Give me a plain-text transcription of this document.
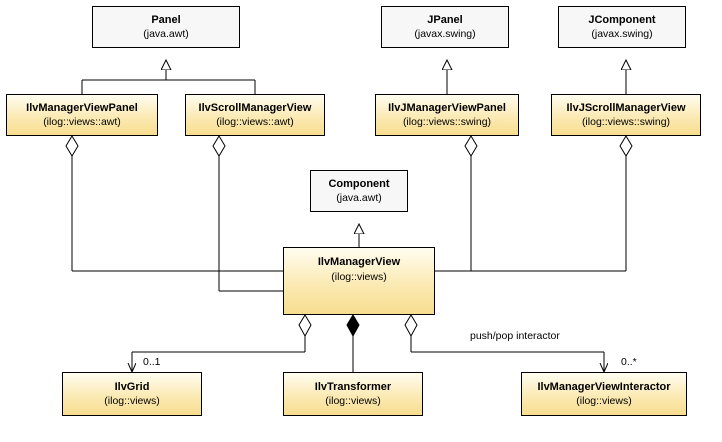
Panel
(java.awt)
JPanel
(javax.swing)
JComponent
(javax.swing)
IlvManagerViewPanel
(ilog::views::awt)
IlvScrollManagerView
(ilog::views::awt)
IlvJManagerViewPanel
(ilog::views::swing)
IlvJScrollManagerView
(ilog::views::swing)
Component
(java.awt)
IlvManagerView
(ilog::views)
IlvGrid
(ilog::views)
IlvTransformer
(ilog::views)
IlvManagerViewInteractor
(ilog::views)
0..1
push/pop interactor
0..*
